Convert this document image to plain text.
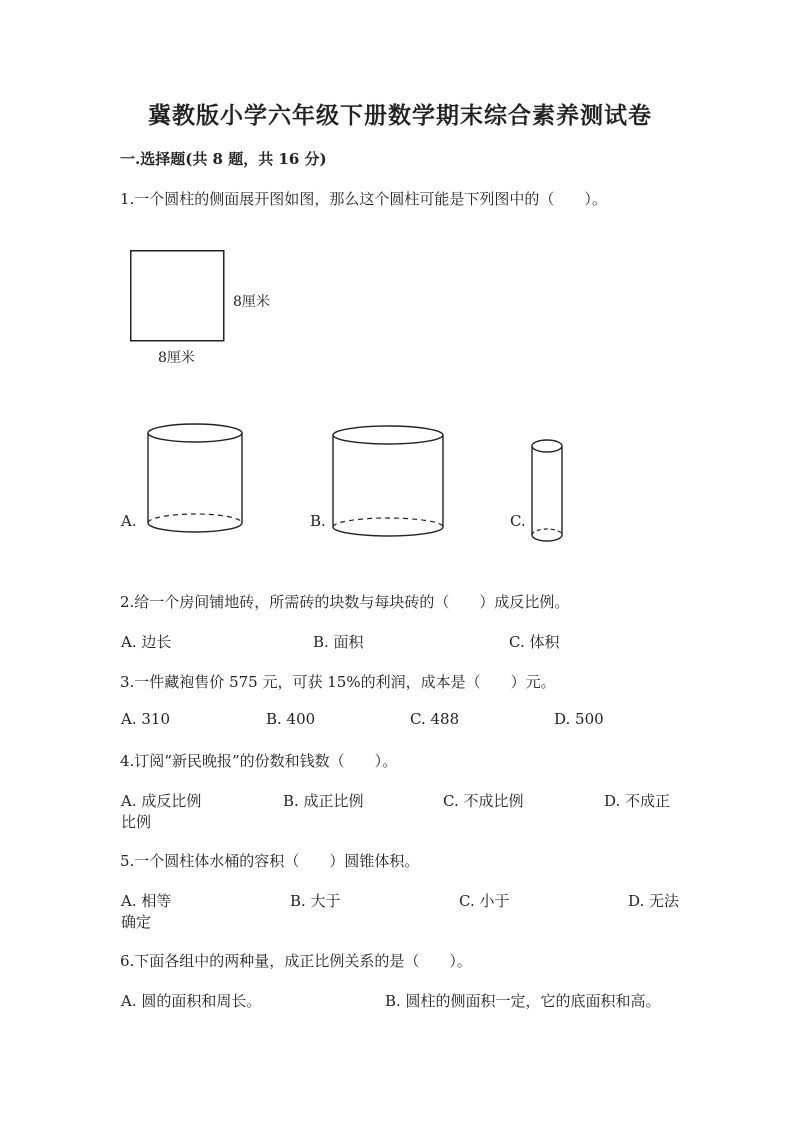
冀教版小学六年级下册数学期末综合素养测试卷
一.选择题(共 8 题，共 16 分)
1.一个圆柱的侧面展开图如图，那么这个圆柱可能是下列图中的（　　）。
8厘米
8厘米
A.	B.	C.
2.给一个房间铺地砖，所需砖的块数与每块砖的（　　）成反比例。
A. 边长	B. 面积	C. 体积
3.一件藏袍售价 575 元，可获 15%的利润，成本是（　　）元。
A. 310	B. 400	C. 488	D. 500
4.订阅“新民晚报”的份数和钱数（　　）。
A. 成反比例	B. 成正比例	C. 不成比例	D. 不成正
比例
5.一个圆柱体水桶的容积（　　）圆锥体积。
A. 相等	B. 大于	C. 小于	D. 无法
确定
6.下面各组中的两种量，成正比例关系的是（　　）。
A. 圆的面积和周长。	B. 圆柱的侧面积一定，它的底面积和高。
